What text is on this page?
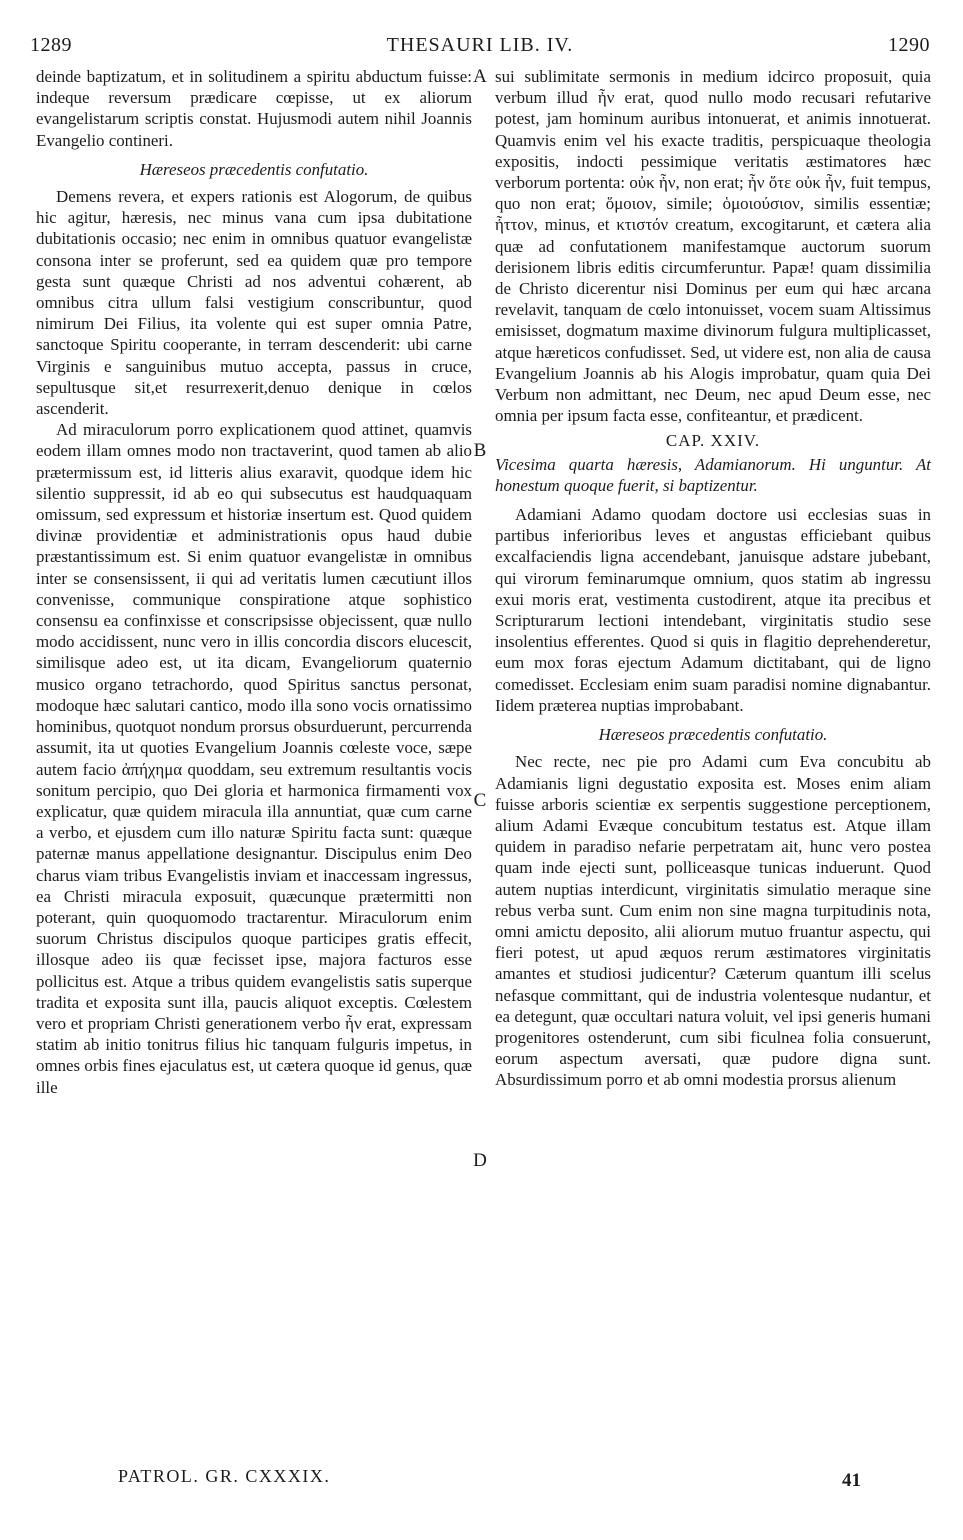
1289	THESAURI LIB. IV.	1290

deinde baptizatum, et in solitudinem a spiritu abductum fuisse: indeque reversum prædicare cœpisse, ut ex aliorum evangelistarum scriptis constat. Hujusmodi autem nihil Joannis Evangelio contineri.

Hæreseos præcedentis confutatio.

Demens revera, et expers rationis est Alogorum, de quibus hic agitur, hæresis, nec minus vana cum ipsa dubitatione dubitationis occasio; nec enim in omnibus quatuor evangelistæ consona inter se proferunt, sed ea quidem quæ pro tempore gesta sunt quæque Christi ad nos adventui cohærent, ab omnibus citra ullum falsi vestigium conscribuntur, quod nimirum Dei Filius, ita volente qui est super omnia Patre, sanctoque Spiritu cooperante, in terram descenderit: ubi carne Virginis e sanguinibus mutuo accepta, passus in cruce, sepultusque sit,et resurrexerit,denuo denique in cœlos ascenderit.

Ad miraculorum porro explicationem quod attinet, quamvis eodem illam omnes modo non tractaverint, quod tamen ab alio prætermissum est, id litteris alius exaravit, quodque idem hic silentio suppressit, id ab eo qui subsecutus est haudquaquam omissum, sed expressum et historiæ insertum est. Quod quidem divinæ providentiæ et administrationis opus haud dubie præstantissimum est. Si enim quatuor evangelistæ in omnibus inter se consensissent, ii qui ad veritatis lumen cæcutiunt illos convenisse, communique conspiratione atque sophistico consensu ea confinxisse et conscripsisse objecissent, quæ nullo modo accidissent, nunc vero in illis concordia discors elucescit, similisque adeo est, ut ita dicam, Evangeliorum quaternio musico organo tetrachordo, quod Spiritus sanctus personat, modoque hæc salutari cantico, modo illa sono vocis ornatissimo hominibus, quotquot nondum prorsus obsurduerunt, percurrenda assumit, ita ut quoties Evangelium Joannis cœleste voce, sæpe autem facio ἀπήχημα quoddam, seu extremum resultantis vocis sonitum percipio, quo Dei gloria et harmonica firmamenti vox explicatur, quæ quidem miracula illa annuntiat, quæ cum carne a verbo, et ejusdem cum illo naturæ Spiritu facta sunt: quæque paternæ manus appellatione designantur. Discipulus enim Deo charus viam tribus Evangelistis inviam et inaccessam ingressus, ea Christi miracula exposuit, quæcunque prætermitti non poterant, quin quoquomodo tractarentur. Miraculorum enim suorum Christus discipulos quoque participes gratis effecit, illosque adeo iis quæ fecisset ipse, majora facturos esse pollicitus est. Atque a tribus quidem evangelistis satis superque tradita et exposita sunt illa, paucis aliquot exceptis. Cœlestem vero et propriam Christi generationem verbo ἦν erat, expressam statim ab initio tonitrus filius hic tanquam fulguris impetus, in omnes orbis fines ejaculatus est, ut cætera quoque id genus, quæ ille

A
B
C
D

sui sublimitate sermonis in medium idcirco proposuit, quia verbum illud ἦν erat, quod nullo modo recusari refutarive potest, jam hominum auribus intonuerat, et animis innotuerat. Quamvis enim vel his exacte traditis, perspicuaque theologia expositis, indocti pessimique veritatis æstimatores hæc verborum portenta: οὐκ ἦν, non erat; ἦν ὅτε οὐκ ἦν, fuit tempus, quo non erat; ὅμοιον, simile; ὁμοιούσιον, similis essentiæ; ἧττον, minus, et κτιστόν creatum, excogitarunt, et cætera alia quæ ad confutationem manifestamque auctorum suorum derisionem libris editis circumferuntur. Papæ! quam dissimilia de Christo dicerentur nisi Dominus per eum qui hæc arcana revelavit, tanquam de cœlo intonuisset, vocem suam Altissimus emisisset, dogmatum maxime divinorum fulgura multiplicasset, atque hæreticos confudisset. Sed, ut videre est, non alia de causa Evangelium Joannis ab his Alogis improbatur, quam quia Dei Verbum non admittant, nec Deum, nec apud Deum esse, nec omnia per ipsum facta esse, confiteantur, et prædicent.

CAP. XXIV.

Vicesima quarta hæresis, Adamianorum. Hi unguntur. At honestum quoque fuerit, si baptizentur.

Adamiani Adamo quodam doctore usi ecclesias suas in partibus inferioribus leves et angustas efficiebant quibus excalfaciendis ligna accendebant, januisque adstare jubebant, qui virorum feminarumque omnium, quos statim ab ingressu exui moris erat, vestimenta custodirent, atque ita precibus et Scripturarum lectioni intendebant, virginitatis studio sese insolentius efferentes. Quod si quis in flagitio deprehenderetur, eum mox foras ejectum Adamum dictitabant, qui de ligno comedisset. Ecclesiam enim suam paradisi nomine dignabantur. Iidem præterea nuptias improbabant.

Hæreseos præcedentis confutatio.

Nec recte, nec pie pro Adami cum Eva concubitu ab Adamianis ligni degustatio exposita est. Moses enim aliam fuisse arboris scientiæ ex serpentis suggestione perceptionem, alium Adami Evæque concubitum testatus est. Atque illam quidem in paradiso nefarie perpetratam ait, hunc vero postea quam inde ejecti sunt, polliceasque tunicas induerunt. Quod autem nuptias interdicunt, virginitatis simulatio meraque sine rebus verba sunt. Cum enim non sine magna turpitudinis nota, omni amictu deposito, alii aliorum mutuo fruantur aspectu, qui fieri potest, ut apud æquos rerum æstimatores virginitatis amantes et studiosi judicentur? Cæterum quantum illi scelus nefasque committant, qui de industria volentesque nudantur, et ea detegunt, quæ occultari natura voluit, vel ipsi generis humani progenitores ostenderunt, cum sibi ficulnea folia consuerunt, eorum aspectum aversati, quæ pudore digna sunt. Absurdissimum porro et ab omni modestia prorsus alienum

PATROL. GR. CXXXIX.	41
